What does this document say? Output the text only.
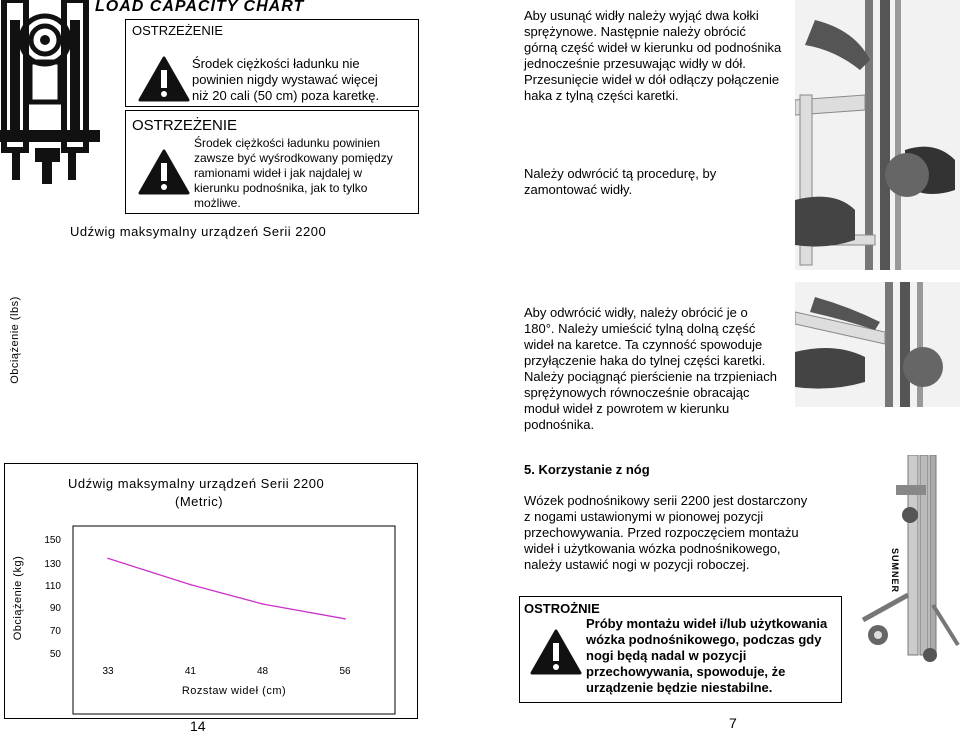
LOAD CAPACITY CHART
OSTRZEŻENIE
Środek ciężkości ładunku nie
powinien nigdy wystawać więcej
niż 20 cali (50 cm) poza karetkę.
OSTRZEŻENIE
Środek ciężkości ładunku powinien
zawsze być wyśrodkowany pomiędzy
ramionami wideł i jak najdalej w
kierunku podnośnika, jak to tylko
możliwe.
Udźwig maksymalny urządzeń Serii 2200
Obciążenie (lbs)
Udźwig maksymalny urządzeń Serii 2200
(Metric)
Obciążenie (kg)
150
130
110
90
70
50
33	41	48	56
Rozstaw wideł (cm)
14
Aby usunąć widły należy wyjąć dwa kołki
sprężynowe. Następnie należy obrócić
górną część wideł w kierunku od podnośnika
jednocześnie przesuwając widły w dół.
Przesunięcie wideł w dół odłączy połączenie
haka z tylną części karetki.
Należy odwrócić tą procedurę, by
zamontować widły.
Aby odwrócić widły, należy obrócić je o
180°. Należy umieścić tylną dolną część
wideł na karetce. Ta czynność spowoduje
przyłączenie haka do tylnej części karetki.
Należy pociągnąć pierścienie na trzpieniach
sprężynowych równocześnie obracając
moduł wideł z powrotem w kierunku
podnośnika.
5. Korzystanie z nóg
Wózek podnośnikowy serii 2200 jest dostarczony
z nogami ustawionymi w pionowej pozycji
przechowywania. Przed rozpoczęciem montażu
wideł i użytkowania wózka podnośnikowego,
należy ustawić nogi w pozycji roboczej.
OSTROŻNIE
Próby montażu wideł i/lub użytkowania
wózka podnośnikowego, podczas gdy
nogi będą nadal w pozycji
przechowywania, spowoduje, że
urządzenie będzie niestabilne.
SUMNER
7
